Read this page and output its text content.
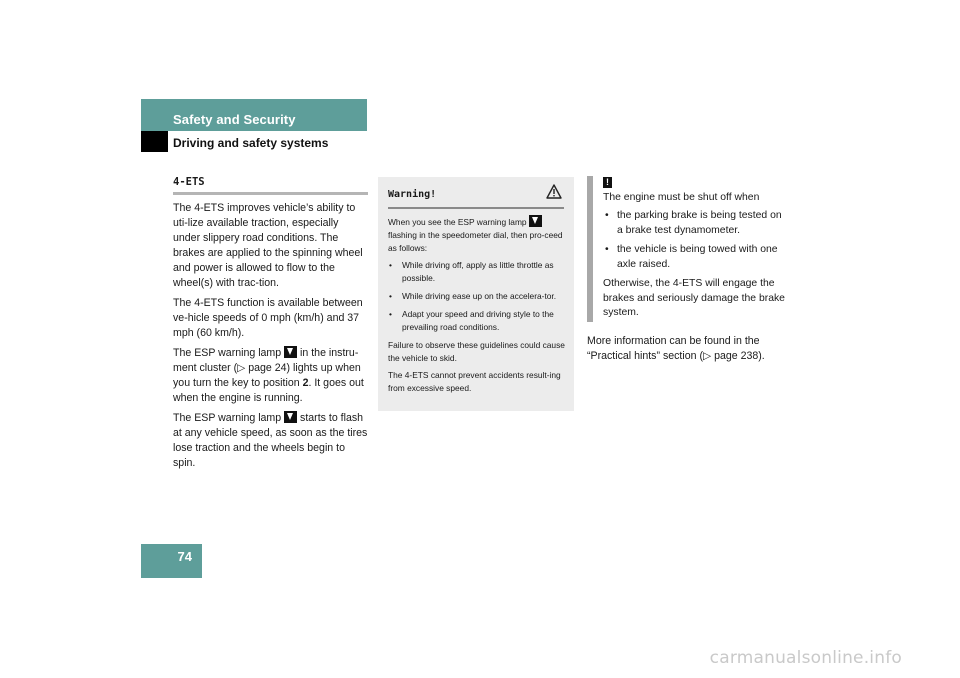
Safety and Security
Driving and safety systems
4-ETS

The 4-ETS improves vehicle’s ability to uti-lize available traction, especially under slippery road conditions. The brakes are applied to the spinning wheel and power is allowed to flow to the wheel(s) with trac-tion.

The 4-ETS function is available between ve-hicle speeds of 0 mph (km/h) and 37 mph (60 km/h).

The ESP warning lamp  in the instru-ment cluster (▷ page 24) lights up when you turn the key to position 2. It goes out when the engine is running.

The ESP warning lamp  starts to flash at any vehicle speed, as soon as the tires lose traction and the wheels begin to spin.

Warning!

When you see the ESP warning lamp  flashing in the speedometer dial, then pro-ceed as follows:

• While driving off, apply as little throttle as possible.
• While driving ease up on the accelera-tor.
• Adapt your speed and driving style to the prevailing road conditions.

Failure to observe these guidelines could cause the vehicle to skid.

The 4-ETS cannot prevent accidents result-ing from excessive speed.

!

The engine must be shut off when

• the parking brake is being tested on a brake test dynamometer.
• the vehicle is being towed with one axle raised.

Otherwise, the 4-ETS will engage the brakes and seriously damage the brake system.

More information can be found in the “Practical hints” section (▷ page 238).
74
carmanualsonline.info
